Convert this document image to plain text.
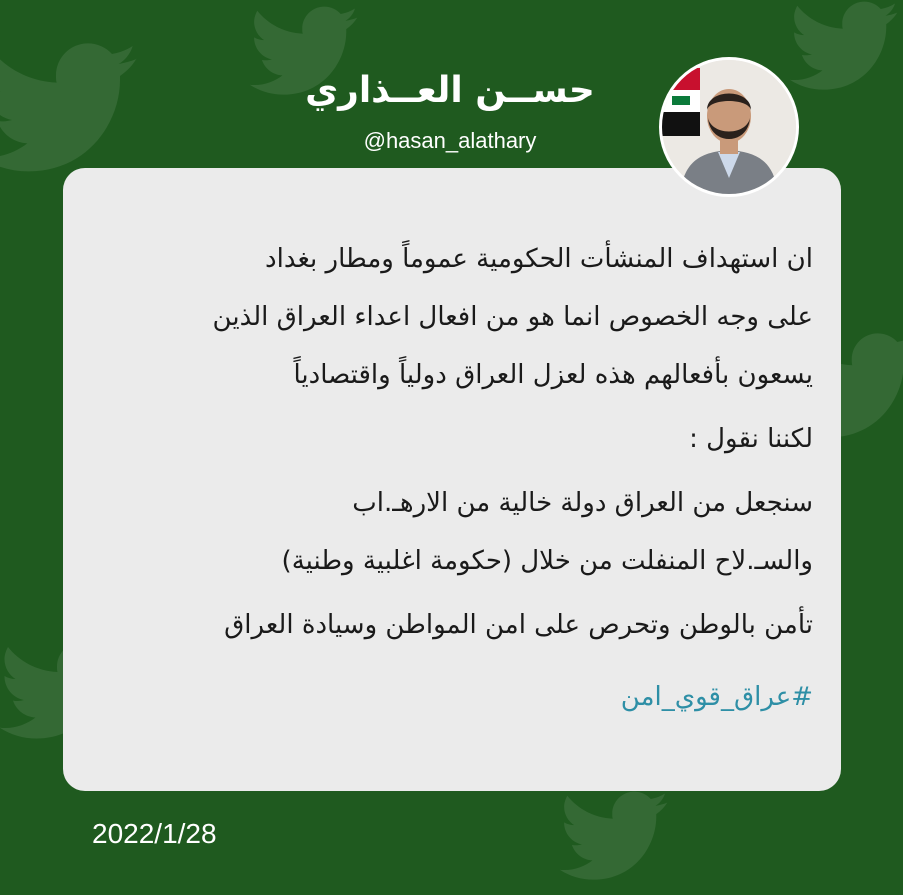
حســن العــذاري
@hasan_alathary
ان استهداف المنشأت الحكومية عموماً ومطار بغداد
على وجه الخصوص انما هو من افعال اعداء العراق الذين
يسعون بأفعالهم هذه لعزل العراق دولياً واقتصادياً
لكننا نقول :
سنجعل من العراق دولة خالية من الارهـ.اب
والسـ.لاح المنفلت من خلال (حكومة اغلبية وطنية)
تأمن بالوطن وتحرص على امن المواطن وسيادة العراق
#عراق_قوي_امن
2022/1/28
